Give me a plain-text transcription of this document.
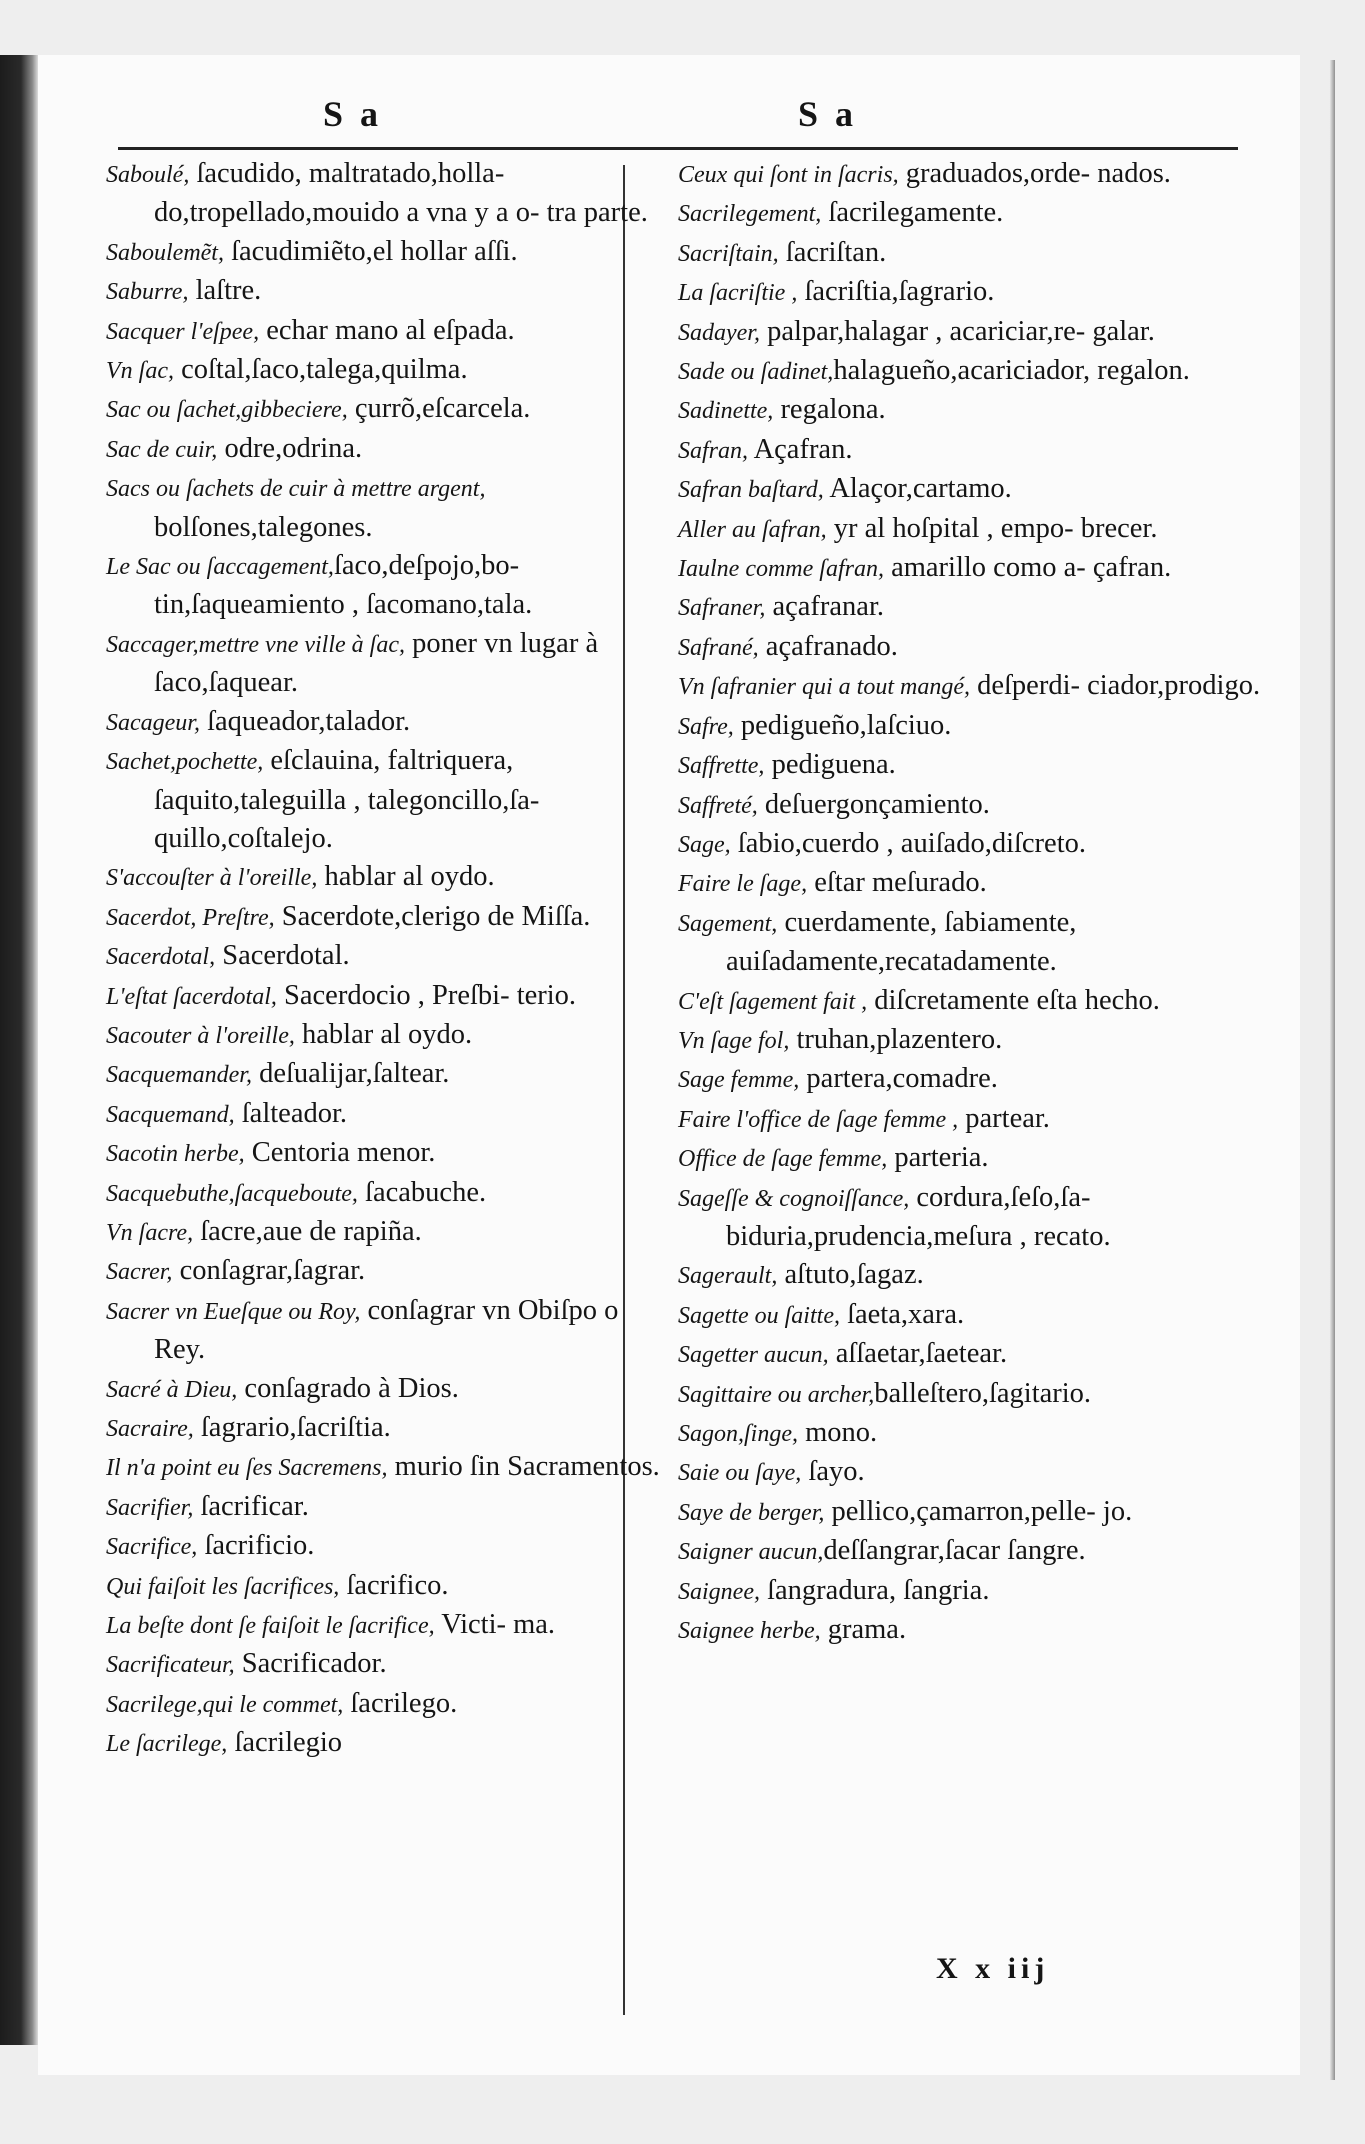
S a	S a

Saboulé, ſacudido, maltratado,holla- do,tropellado,mouido a vna y a o- tra parte.

Saboulemẽt, ſacudimiẽto,el hollar aſſi.

Saburre, laſtre.

Sacquer l'eſpee, echar mano al eſpada.

Vn ſac, coſtal,ſaco,talega,quilma.

Sac ou ſachet,gibbeciere, çurrõ,eſcarcela.

Sac de cuir, odre,odrina.

Sacs ou ſachets de cuir à mettre argent, bolſones,talegones.

Le Sac ou ſaccagement,ſaco,deſpojo,bo- tin,ſaqueamiento , ſacomano,tala.

Saccager,mettre vne ville à ſac, poner vn lugar à ſaco,ſaquear.

Sacageur, ſaqueador,talador.

Sachet,pochette, eſclauina, faltriquera, ſaquito,taleguilla , talegoncillo,ſa- quillo,coſtalejo.

S'accouſter à l'oreille, hablar al oydo.

Sacerdot, Preſtre, Sacerdote,clerigo de Miſſa.

Sacerdotal, Sacerdotal.

L'eſtat ſacerdotal, Sacerdocio , Preſbi- terio.

Sacouter à l'oreille, hablar al oydo.

Sacquemander, deſualijar,ſaltear.

Sacquemand, ſalteador.

Sacotin herbe, Centoria menor.

Sacquebuthe,ſacqueboute, ſacabuche.

Vn ſacre, ſacre,aue de rapiña.

Sacrer, conſagrar,ſagrar.

Sacrer vn Eueſque ou Roy, conſagrar vn Obiſpo o Rey.

Sacré à Dieu, conſagrado à Dios.

Sacraire, ſagrario,ſacriſtia.

Il n'a point eu ſes Sacremens, murio ſin Sacramentos.

Sacrifier, ſacrificar.

Sacrifice, ſacrificio.

Qui faiſoit les ſacrifices, ſacrifico.

La beſte dont ſe faiſoit le ſacrifice, Victi- ma.

Sacrificateur, Sacrificador.

Sacrilege,qui le commet, ſacrilego.

Le ſacrilege, ſacrilegio

Ceux qui ſont in ſacris, graduados,orde- nados.

Sacrilegement, ſacrilegamente.

Sacriſtain, ſacriſtan.

La ſacriſtie , ſacriſtia,ſagrario.

Sadayer, palpar,halagar , acariciar,re- galar.

Sade ou ſadinet,halagueño,acariciador, regalon.

Sadinette, regalona.

Safran, Açafran.

Safran baſtard, Alaçor,cartamo.

Aller au ſafran, yr al hoſpital , empo- brecer.

Iaulne comme ſafran, amarillo como a- çafran.

Safraner, açafranar.

Safrané, açafranado.

Vn ſafranier qui a tout mangé, deſperdi- ciador,prodigo.

Safre, pedigueño,laſciuo.

Saffrette, pediguena.

Saffreté, deſuergonçamiento.

Sage, ſabio,cuerdo , auiſado,diſcreto.

Faire le ſage, eſtar meſurado.

Sagement, cuerdamente, ſabiamente, auiſadamente,recatadamente.

C'eſt ſagement fait , diſcretamente eſta hecho.

Vn ſage fol, truhan,plazentero.

Sage femme, partera,comadre.

Faire l'office de ſage femme , partear.

Office de ſage femme, parteria.

Sageſſe & cognoiſſance, cordura,ſeſo,ſa- biduria,prudencia,meſura , recato.

Sagerault, aſtuto,ſagaz.

Sagette ou ſaitte, ſaeta,xara.

Sagetter aucun, aſſaetar,ſaetear.

Sagittaire ou archer,balleſtero,ſagitario.

Sagon,ſinge, mono.

Saie ou ſaye, ſayo.

Saye de berger, pellico,çamarron,pelle- jo.

Saigner aucun,deſſangrar,ſacar ſangre.

Saignee, ſangradura, ſangria.

Saignee herbe, grama.

X x iij
